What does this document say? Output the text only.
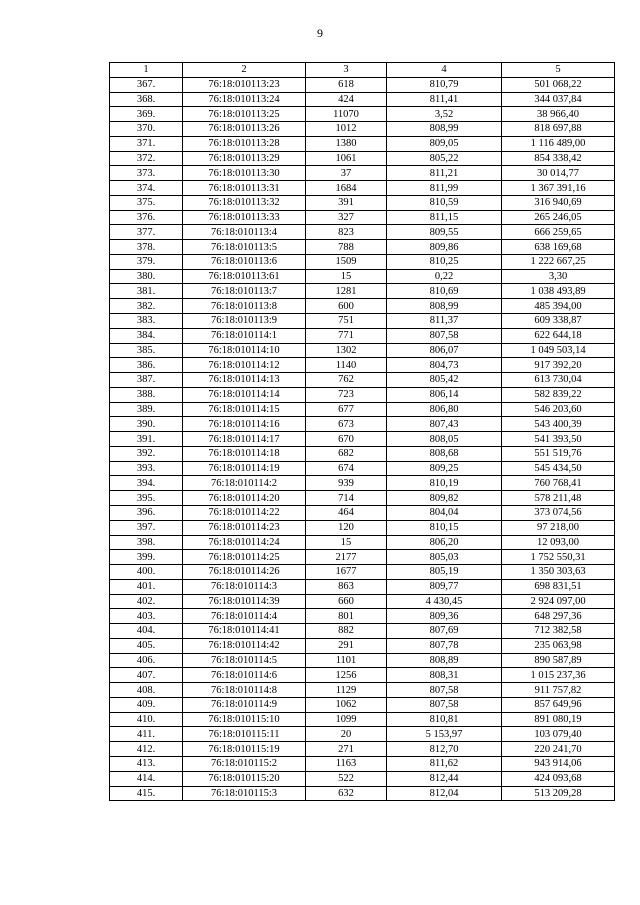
9
1	2	3	4	5
367.	76:18:010113:23	618	810,79	501 068,22
368.	76:18:010113:24	424	811,41	344 037,84
369.	76:18:010113:25	11070	3,52	38 966,40
370.	76:18:010113:26	1012	808,99	818 697,88
371.	76:18:010113:28	1380	809,05	1 116 489,00
372.	76:18:010113:29	1061	805,22	854 338,42
373.	76:18:010113:30	37	811,21	30 014,77
374.	76:18:010113:31	1684	811,99	1 367 391,16
375.	76:18:010113:32	391	810,59	316 940,69
376.	76:18:010113:33	327	811,15	265 246,05
377.	76:18:010113:4	823	809,55	666 259,65
378.	76:18:010113:5	788	809,86	638 169,68
379.	76:18:010113:6	1509	810,25	1 222 667,25
380.	76:18:010113:61	15	0,22	3,30
381.	76:18:010113:7	1281	810,69	1 038 493,89
382.	76:18:010113:8	600	808,99	485 394,00
383.	76:18:010113:9	751	811,37	609 338,87
384.	76:18:010114:1	771	807,58	622 644,18
385.	76:18:010114:10	1302	806,07	1 049 503,14
386.	76:18:010114:12	1140	804,73	917 392,20
387.	76:18:010114:13	762	805,42	613 730,04
388.	76:18:010114:14	723	806,14	582 839,22
389.	76:18:010114:15	677	806,80	546 203,60
390.	76:18:010114:16	673	807,43	543 400,39
391.	76:18:010114:17	670	808,05	541 393,50
392.	76:18:010114:18	682	808,68	551 519,76
393.	76:18:010114:19	674	809,25	545 434,50
394.	76:18:010114:2	939	810,19	760 768,41
395.	76:18:010114:20	714	809,82	578 211,48
396.	76:18:010114:22	464	804,04	373 074,56
397.	76:18:010114:23	120	810,15	97 218,00
398.	76:18:010114:24	15	806,20	12 093,00
399.	76:18:010114:25	2177	805,03	1 752 550,31
400.	76:18:010114:26	1677	805,19	1 350 303,63
401.	76:18:010114:3	863	809,77	698 831,51
402.	76:18:010114:39	660	4 430,45	2 924 097,00
403.	76:18:010114:4	801	809,36	648 297,36
404.	76:18:010114:41	882	807,69	712 382,58
405.	76:18:010114:42	291	807,78	235 063,98
406.	76:18:010114:5	1101	808,89	890 587,89
407.	76:18:010114:6	1256	808,31	1 015 237,36
408.	76:18:010114:8	1129	807,58	911 757,82
409.	76:18:010114:9	1062	807,58	857 649,96
410.	76:18:010115:10	1099	810,81	891 080,19
411.	76:18:010115:11	20	5 153,97	103 079,40
412.	76:18:010115:19	271	812,70	220 241,70
413.	76:18:010115:2	1163	811,62	943 914,06
414.	76:18:010115:20	522	812,44	424 093,68
415.	76:18:010115:3	632	812,04	513 209,28
